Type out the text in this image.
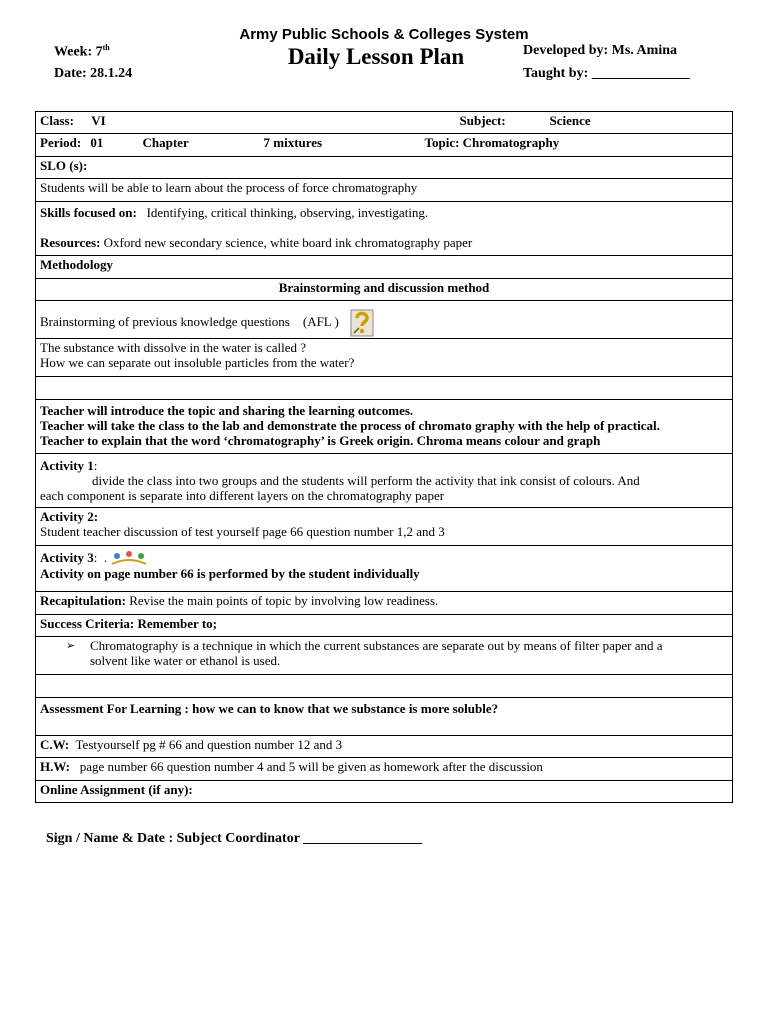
Army Public Schools & Colleges System
Daily Lesson Plan
Week: 7th
Date: 28.1.24
Developed by: Ms. Amina
Taught by: ______________
Class: VI	Subject:	Science

Period: 01	Chapter	7 mixtures	Topic: Chromatography

SLO (s):
Students will be able to learn about the process of force chromatography

Skills focused on: Identifying, critical thinking, observing, investigating.
Resources: Oxford new secondary science, white board ink chromatography paper

Methodology
Brainstorming and discussion method
Brainstorming of previous knowledge questions (AFL )

The substance with dissolve in the water is called ?
How we can separate out insoluble particles from the water?

Teacher will introduce the topic and sharing the learning outcomes.
Teacher will take the class to the lab and demonstrate the process of chromato graphy with the help of practical.
Teacher to explain that the word ‘chromatography’ is Greek origin. Chroma means colour and graph

Activity 1:
divide the class into two groups and the students will perform the activity that ink consist of colours. And
each component is separate into different layers on the chromatography paper

Activity 2:
Student teacher discussion of test yourself page 66 question number 1,2 and 3

Activity 3:  .
Activity on page number 66 is performed by the student individually

Recapitulation: Revise the main points of topic by involving low readiness.
Success Criteria: Remember to;

➢	Chromatography is a technique in which the current substances are separate out by means of filter paper and a
solvent like water or ethanol is used.

Assessment For Learning : how we can to know that we substance is more soluble?
C.W: Testyourself pg # 66 and question number 12 and 3
H.W: page number 66 question number 4 and 5 will be given as homework after the discussion
Online Assignment (if any):
Sign / Name & Date : Subject Coordinator _________________
